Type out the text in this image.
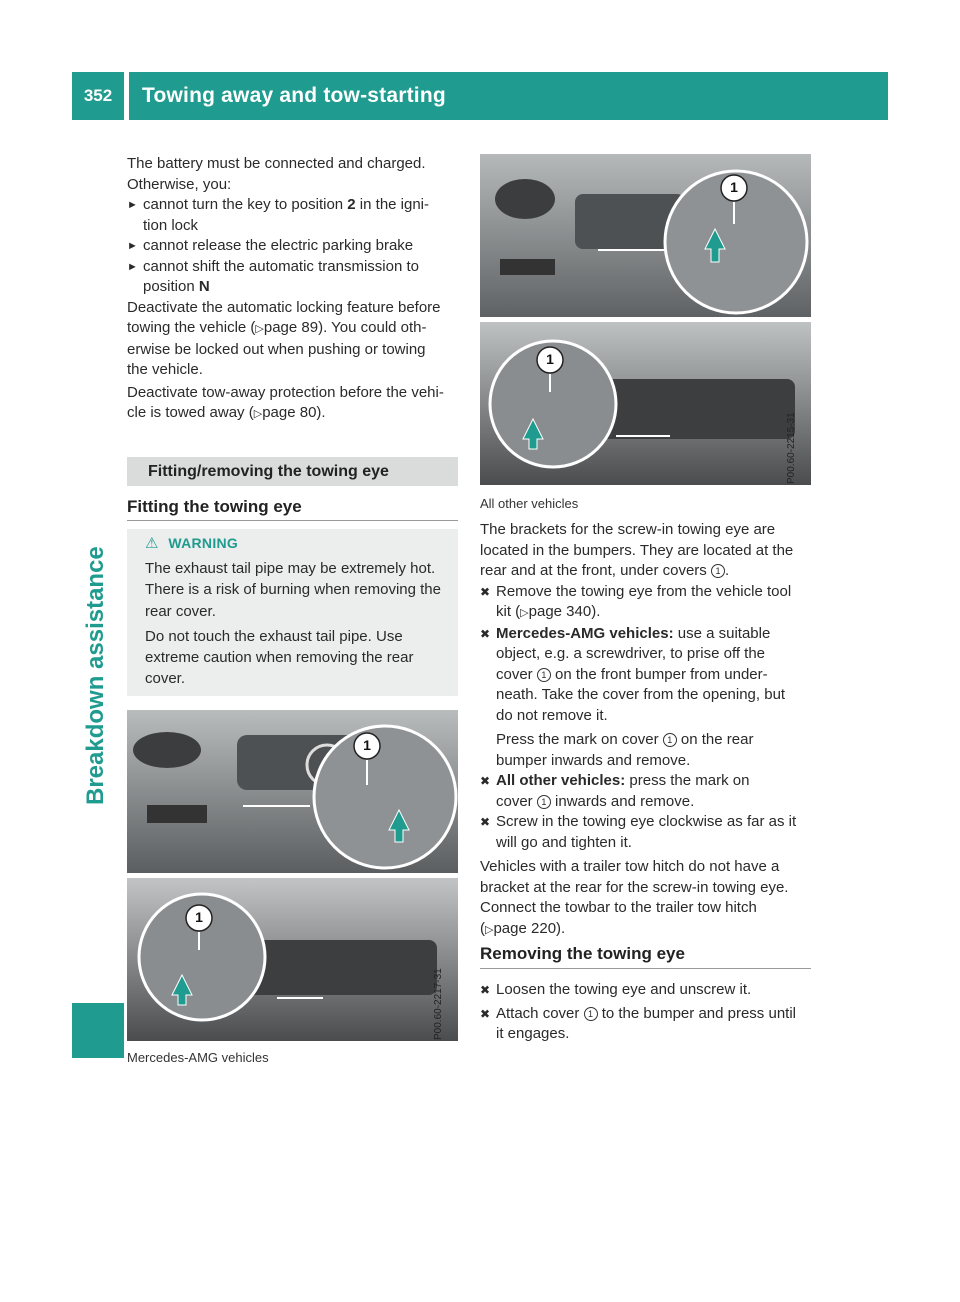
352	Towing away and tow-starting
Breakdown assistance

The battery must be connected and charged.

Otherwise, you:

► cannot turn the key to position 2 in the igni-
tion lock
► cannot release the electric parking brake
► cannot shift the automatic transmission to
position N

Deactivate the automatic locking feature before
towing the vehicle (▷page 89). You could oth-
erwise be locked out when pushing or towing
the vehicle.

Deactivate tow-away protection before the vehi-
cle is towed away (▷page 80).

Fitting/removing the towing eye
Fitting the towing eye
⚠ WARNING
The exhaust tail pipe may be extremely hot.
There is a risk of burning when removing the
rear cover.
Do not touch the exhaust tail pipe. Use
extreme caution when removing the rear
cover.
1
1
P00.60-2217-31
Mercedes-AMG vehicles
1
1
P00.60-2215-31
All other vehicles

The brackets for the screw-in towing eye are
located in the bumpers. They are located at the
rear and at the front, under covers 1 .

✖ Remove the towing eye from the vehicle tool
kit (▷page 340).
✖ Mercedes-AMG vehicles: use a suitable
object, e.g. a screwdriver, to prise off the
cover 1 on the front bumper from under-
neath. Take the cover from the opening, but
do not remove it.
Press the mark on cover 1 on the rear
bumper inwards and remove.
✖ All other vehicles: press the mark on
cover 1 inwards and remove.
✖ Screw in the towing eye clockwise as far as it
will go and tighten it.

Vehicles with a trailer tow hitch do not have a
bracket at the rear for the screw-in towing eye.
Connect the towbar to the trailer tow hitch
(▷page 220).

Removing the towing eye
✖ Loosen the towing eye and unscrew it.
✖ Attach cover 1 to the bumper and press until
it engages.
